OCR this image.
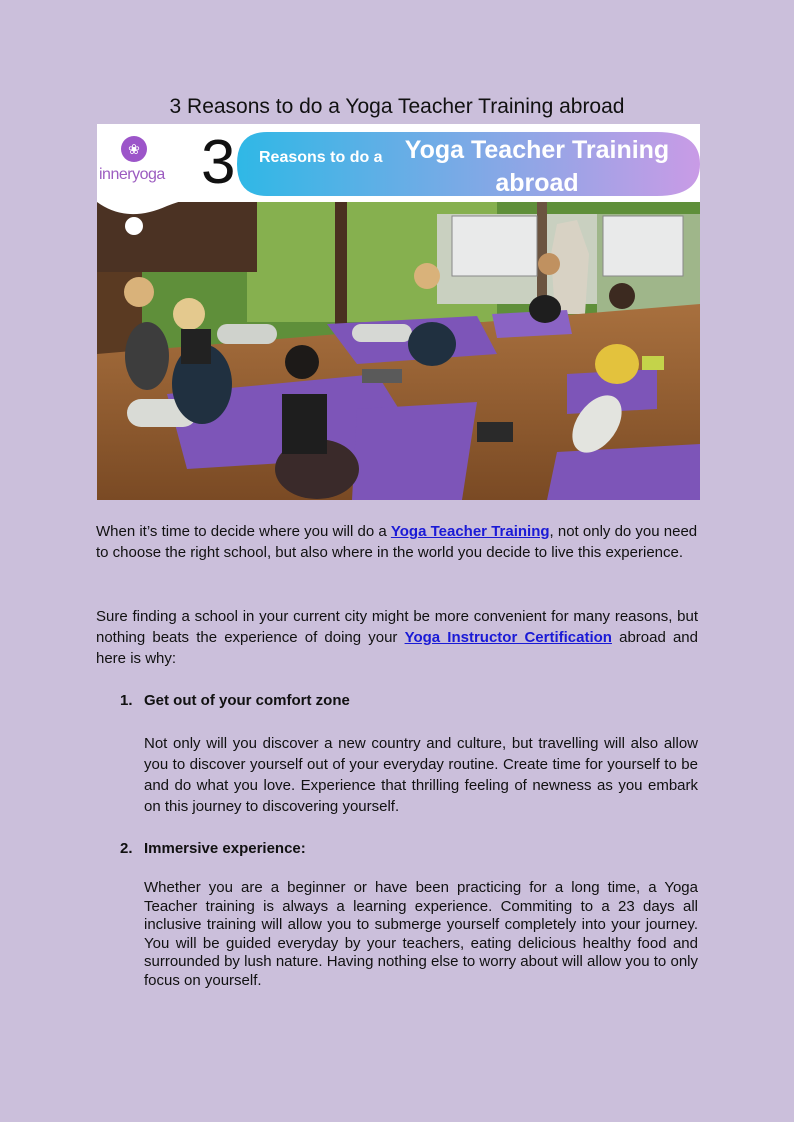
3 Reasons to do a Yoga Teacher Training abroad
❀
inneryoga 3 Reasons to do a Yoga Teacher Training abroad
When it’s time to decide where you will do a Yoga Teacher Training, not only do you need to choose the right school, but also where in the world you decide to live this experience.
Sure finding a school in your current city might be more convenient for many reasons, but nothing beats the experience of doing your Yoga Instructor Certification abroad and here is why:
1. Get out of your comfort zone
Not only will you discover a new country and culture, but travelling will also allow you to discover yourself out of your everyday routine. Create time for yourself to be and do what you love. Experience that thrilling feeling of newness as you embark on this journey to discovering yourself.
2. Immersive experience:
Whether you are a beginner or have been practicing for a long time, a Yoga Teacher training is always a learning experience. Commiting to a 23 days all inclusive training will allow you to submerge yourself completely into your journey. You will be guided everyday by your teachers, eating delicious healthy food and surrounded by lush nature. Having nothing else to worry about will allow you to only focus on yourself.
